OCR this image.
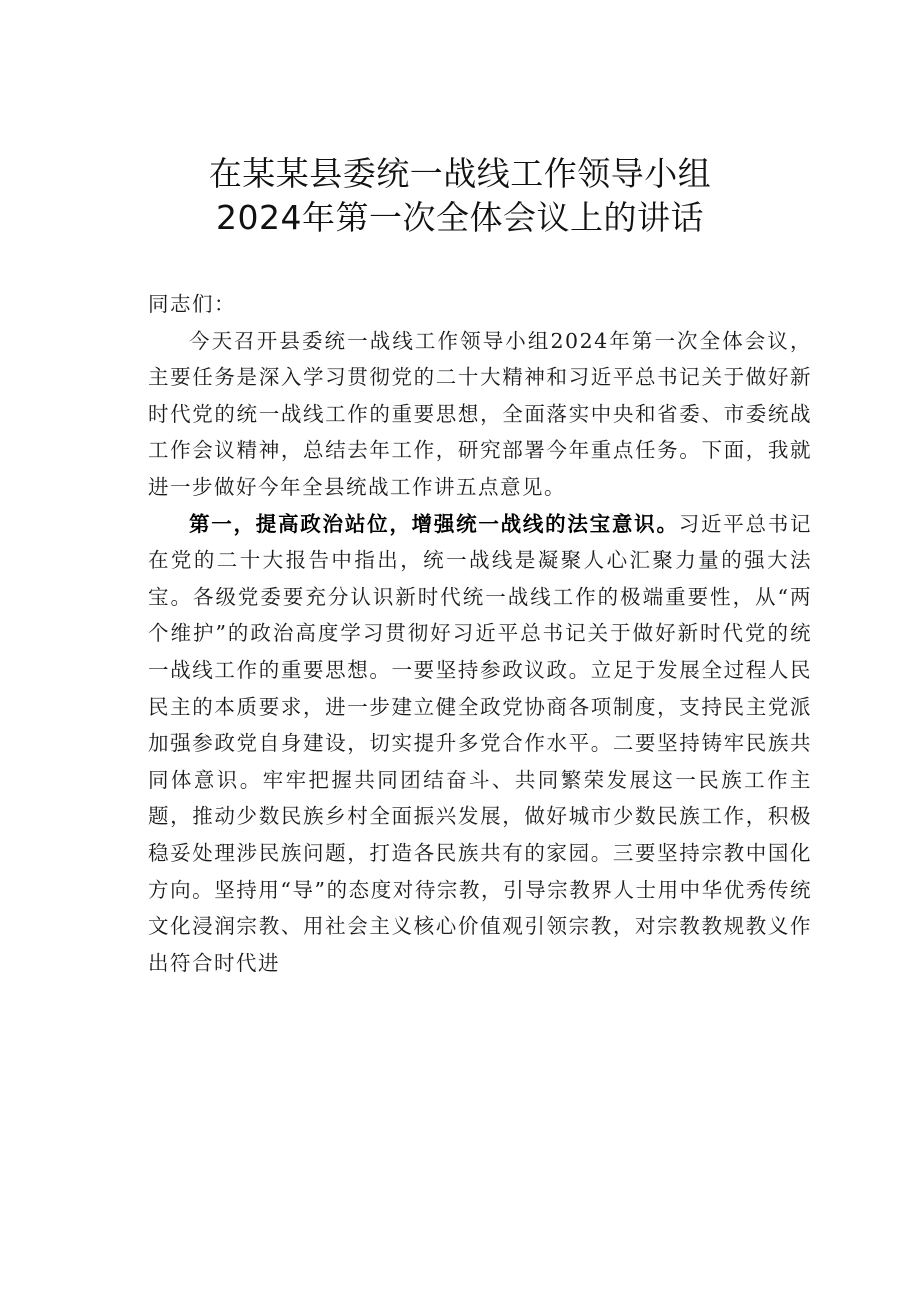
在某某县委统一战线工作领导小组
2024年第一次全体会议上的讲话

同志们：

今天召开县委统一战线工作领导小组2024年第一次全体会议，主要任务是深入学习贯彻党的二十大精神和习近平总书记关于做好新时代党的统一战线工作的重要思想，全面落实中央和省委、市委统战工作会议精神，总结去年工作，研究部署今年重点任务。下面，我就进一步做好今年全县统战工作讲五点意见。

第一，提高政治站位，增强统一战线的法宝意识。习近平总书记在党的二十大报告中指出，统一战线是凝聚人心汇聚力量的强大法宝。各级党委要充分认识新时代统一战线工作的极端重要性，从“两个维护”的政治高度学习贯彻好习近平总书记关于做好新时代党的统一战线工作的重要思想。一要坚持参政议政。立足于发展全过程人民民主的本质要求，进一步建立健全政党协商各项制度，支持民主党派加强参政党自身建设，切实提升多党合作水平。二要坚持铸牢民族共同体意识。牢牢把握共同团结奋斗、共同繁荣发展这一民族工作主题，推动少数民族乡村全面振兴发展，做好城市少数民族工作，积极稳妥处理涉民族问题，打造各民族共有的家园。三要坚持宗教中国化方向。坚持用“导”的态度对待宗教，引导宗教界人士用中华优秀传统文化浸润宗教、用社会主义核心价值观引领宗教，对宗教教规教义作出符合时代进
